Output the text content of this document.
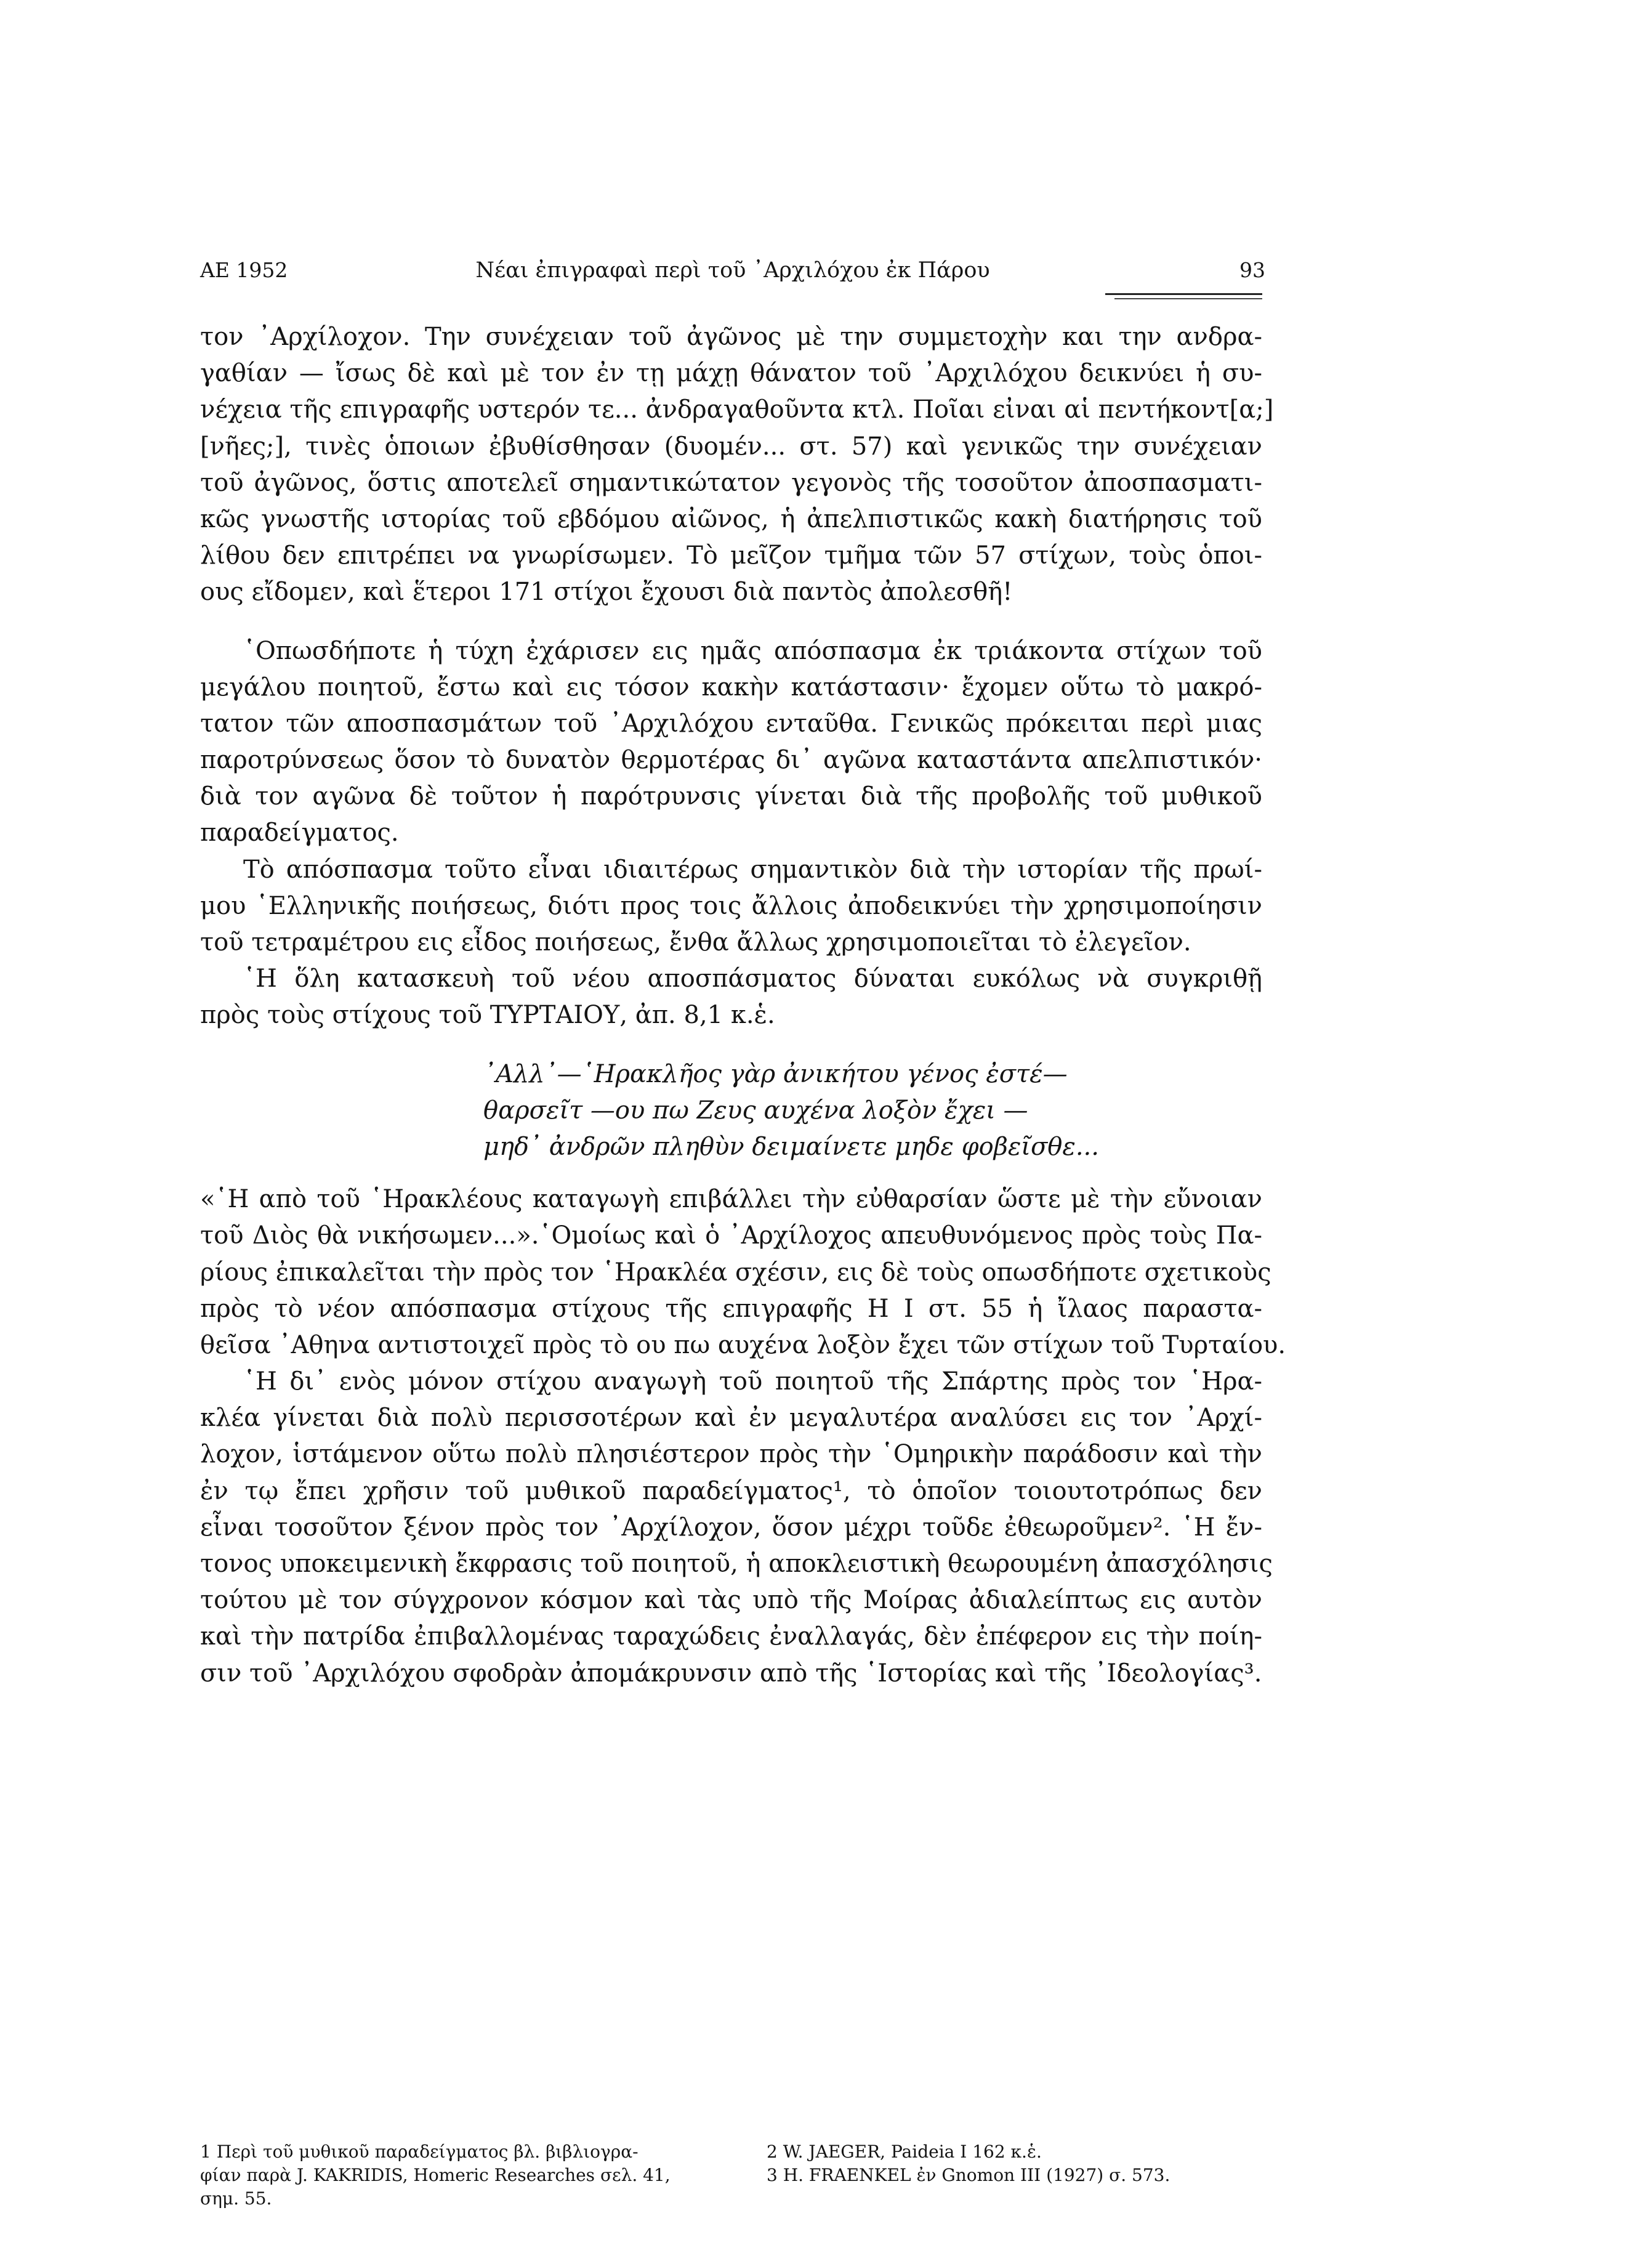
ΑΕ 1952	Νέαι ἐπιγραφαὶ περὶ τοῦ ᾽Αρχιλόχου ἐκ Πάρου	93
τον ᾽Αρχίλοχον. Την συνέχειαν τοῦ ἀγῶνος μὲ την συμμετοχὴν και την ανδρα-
γαθίαν — ἴσως δὲ καὶ μὲ τον ἐν τῃ μάχῃ θάνατον τοῦ ᾽Αρχιλόχου δεικνύει ἡ συ-
νέχεια τῆς επιγραφῆς υστερόν τε... ἀνδραγαθοῦντα κτλ. Ποῖαι εἰναι αἱ πεντήκοντ[α;]
[νῆες;], τινὲς ὁποιων ἐβυθίσθησαν (δυομέν... στ. 57) καὶ γενικῶς την συνέχειαν
τοῦ ἀγῶνος, ὅστις αποτελεῖ σημαντικώτατον γεγονὸς τῆς τοσοῦτον ἀποσπασματι-
κῶς γνωστῆς ιστορίας τοῦ εβδόμου αἰῶνος, ἡ ἀπελπιστικῶς κακὴ διατήρησις τοῦ
λίθου δεν επιτρέπει να γνωρίσωμεν. Τὸ μεῖζον τμῆμα τῶν 57 στίχων, τοὺς ὁποι-
ους εἴδομεν, καὶ ἕτεροι 171 στίχοι ἔχουσι διὰ παντὸς ἀπολεσθῆ!
῾Οπωσδήποτε ἡ τύχη ἐχάρισεν εις ημᾶς απόσπασμα ἐκ τριάκοντα στίχων τοῦ
μεγάλου ποιητοῦ, ἔστω καὶ εις τόσον κακὴν κατάστασιν· ἔχομεν οὕτω τὸ μακρό-
τατον τῶν αποσπασμάτων τοῦ ᾽Αρχιλόχου ενταῦθα. Γενικῶς πρόκειται περὶ μιας
παροτρύνσεως ὅσον τὸ δυνατὸν θερμοτέρας δι᾽ αγῶνα καταστάντα απελπιστικόν·
διὰ τον αγῶνα δὲ τοῦτον ἡ παρότρυνσις γίνεται διὰ τῆς προβολῆς τοῦ μυθικοῦ
παραδείγματος.
Τὸ απόσπασμα τοῦτο εἶναι ιδιαιτέρως σημαντικὸν διὰ τὴν ιστορίαν τῆς πρωί-
μου ῾Ελληνικῆς ποιήσεως, διότι προς τοις ἄλλοις ἀποδεικνύει τὴν χρησιμοποίησιν
τοῦ τετραμέτρου εις εἶδος ποιήσεως, ἔνθα ἄλλως χρησιμοποιεῖται τὸ ἐλεγεῖον.
῾Η ὅλη κατασκευὴ τοῦ νέου αποσπάσματος δύναται ευκόλως νὰ συγκριθῇ
πρὸς τοὺς στίχους τοῦ ΤΥΡΤΑΙΟΥ, ἀπ. 8,1 κ.ἑ.
᾽Αλλ᾽—῾Ηρακλῆος γὰρ ἀνικήτου γένος ἐστέ—
θαρσεῖτ —ου πω Ζευς αυχένα λοξὸν ἔχει —
μηδ᾽ ἀνδρῶν πληθὺν δειμαίνετε μηδε φοβεῖσθε...
«῾Η απὸ τοῦ ῾Ηρακλέους καταγωγὴ επιβάλλει τὴν εὐθαρσίαν ὥστε μὲ τὴν εὔνοιαν
τοῦ Διὸς θὰ νικήσωμεν...».῾Ομοίως καὶ ὁ ᾽Αρχίλοχος απευθυνόμενος πρὸς τοὺς Πα-
ρίους ἐπικαλεῖται τὴν πρὸς τον ῾Ηρακλέα σχέσιν, εις δὲ τοὺς οπωσδήποτε σχετικοὺς
πρὸς τὸ νέον απόσπασμα στίχους τῆς επιγραφῆς Η Ι στ. 55 ἡ ἴλαος παραστα-
θεῖσα ᾽Αθηνα αντιστοιχεῖ πρὸς τὸ ου πω αυχένα λοξὸν ἔχει τῶν στίχων τοῦ Τυρταίου.
῾Η δι᾽ ενὸς μόνον στίχου αναγωγὴ τοῦ ποιητοῦ τῆς Σπάρτης πρὸς τον ῾Ηρα-
κλέα γίνεται διὰ πολὺ περισσοτέρων καὶ ἐν μεγαλυτέρα αναλύσει εις τον ᾽Αρχί-
λοχον, ἱστάμενον οὕτω πολὺ πλησιέστερον πρὸς τὴν ῾Ομηρικὴν παράδοσιν καὶ τὴν
ἐν τῳ ἔπει χρῆσιν τοῦ μυθικοῦ παραδείγματος¹, τὸ ὁποῖον τοιουτοτρόπως δεν
εἶναι τοσοῦτον ξένον πρὸς τον ᾽Αρχίλοχον, ὅσον μέχρι τοῦδε ἐθεωροῦμεν². ῾Η ἔν-
τονος υποκειμενικὴ ἔκφρασις τοῦ ποιητοῦ, ἡ αποκλειστικὴ θεωρουμένη ἀπασχόλησις
τούτου μὲ τον σύγχρονον κόσμον καὶ τὰς υπὸ τῆς Μοίρας ἀδιαλείπτως εις αυτὸν
καὶ τὴν πατρίδα ἐπιβαλλομένας ταραχώδεις ἐναλλαγάς, δὲν ἐπέφερον εις τὴν ποίη-
σιν τοῦ ᾽Αρχιλόχου σφοδρὰν ἀπομάκρυνσιν απὸ τῆς ῾Ιστορίας καὶ τῆς ᾽Ιδεολογίας³.
1 Περὶ τοῦ μυθικοῦ παραδείγματος βλ. βιβλιογρα-
φίαν παρὰ J. KAKRIDIS, Homeric Researches σελ. 41,
σημ. 55.
2 W. JAEGER, Paideia I 162 κ.ἑ.
3 H. FRAENKEL ἐν Gnomon III (1927) σ. 573.
